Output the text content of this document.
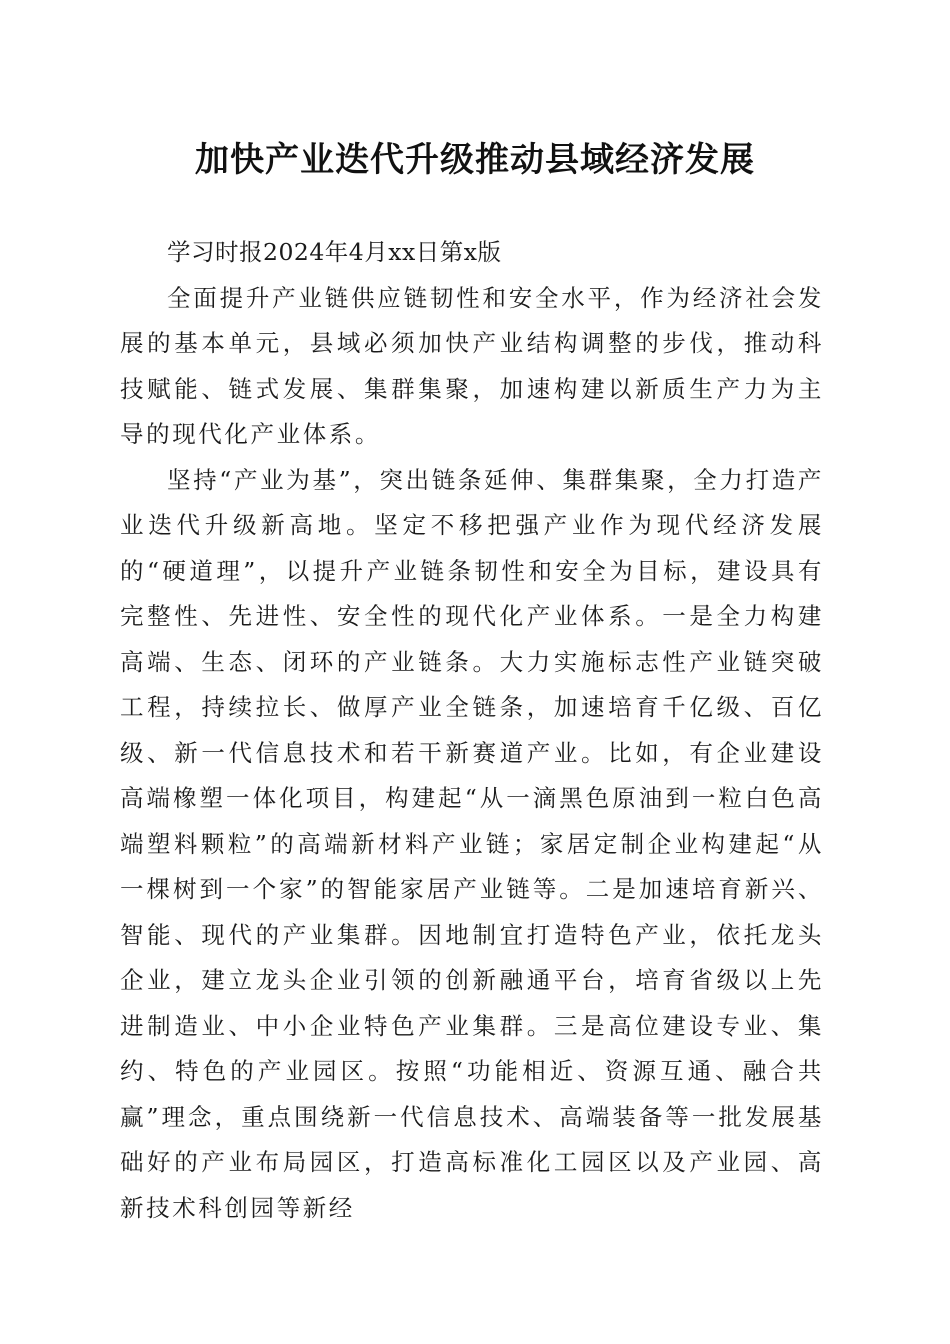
加快产业迭代升级推动县域经济发展

学习时报2024年4月xx日第x版

全面提升产业链供应链韧性和安全水平，作为经济社会发展的基本单元，县域必须加快产业结构调整的步伐，推动科技赋能、链式发展、集群集聚，加速构建以新质生产力为主导的现代化产业体系。

坚持“产业为基”，突出链条延伸、集群集聚，全力打造产业迭代升级新高地。坚定不移把强产业作为现代经济发展的“硬道理”，以提升产业链条韧性和安全为目标，建设具有完整性、先进性、安全性的现代化产业体系。一是全力构建高端、生态、闭环的产业链条。大力实施标志性产业链突破工程，持续拉长、做厚产业全链条，加速培育千亿级、百亿级、新一代信息技术和若干新赛道产业。比如，有企业建设高端橡塑一体化项目，构建起“从一滴黑色原油到一粒白色高端塑料颗粒”的高端新材料产业链；家居定制企业构建起“从一棵树到一个家”的智能家居产业链等。二是加速培育新兴、智能、现代的产业集群。因地制宜打造特色产业，依托龙头企业，建立龙头企业引领的创新融通平台，培育省级以上先进制造业、中小企业特色产业集群。三是高位建设专业、集约、特色的产业园区。按照“功能相近、资源互通、融合共赢”理念，重点围绕新一代信息技术、高端装备等一批发展基础好的产业布局园区，打造高标准化工园区以及产业园、高新技术科创园等新经
